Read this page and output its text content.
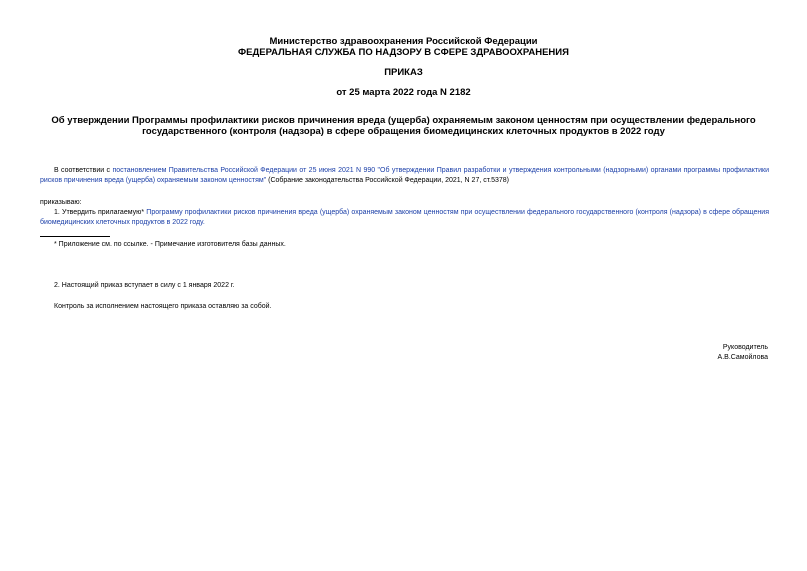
Министерство здравоохранения Российской Федерации
ФЕДЕРАЛЬНАЯ СЛУЖБА ПО НАДЗОРУ В СФЕРЕ ЗДРАВООХРАНЕНИЯ
ПРИКАЗ
от 25 марта 2022 года N 2182
Об утверждении Программы профилактики рисков причинения вреда (ущерба) охраняемым законом ценностям при осуществлении федерального
государственного (контроля (надзора) в сфере обращения биомедицинских клеточных продуктов в 2022 году
В соответствии с постановлением Правительства Российской Федерации от 25 июня 2021 N 990 "Об утверждении Правил разработки и утверждения контрольными (надзорными) органами программы профилактики рисков причинения вреда (ущерба) охраняемым законом ценностям" (Собрание законодательства Российской Федерации, 2021, N 27, ст.5378)
приказываю:
1. Утвердить прилагаемую* Программу профилактики рисков причинения вреда (ущерба) охраняемым законом ценностям при осуществлении федерального государственного (контроля (надзора) в сфере обращения биомедицинских клеточных продуктов в 2022 году.
* Приложение см. по ссылке. - Примечание изготовителя базы данных.
2. Настоящий приказ вступает в силу с 1 января 2022 г.
Контроль за исполнением настоящего приказа оставляю за собой.
Руководитель
А.В.Самойлова
